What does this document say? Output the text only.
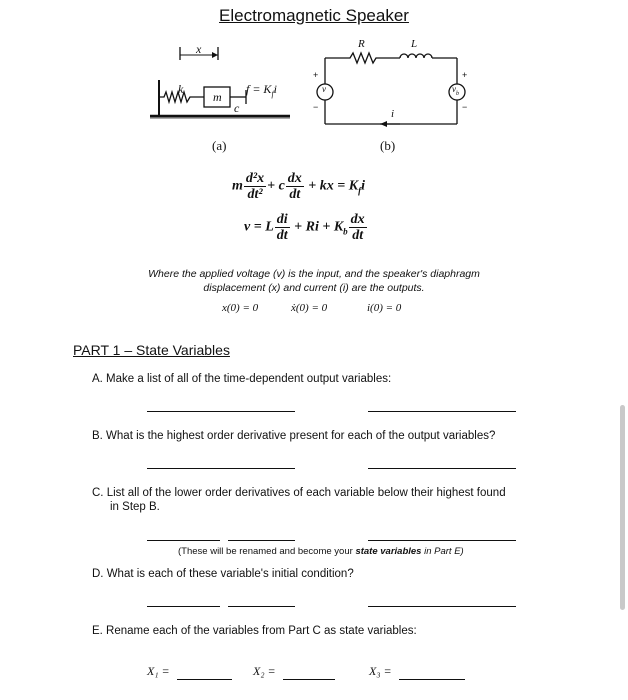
Electromagnetic Speaker
x
k
m
c
$f = K_fi$
(a)
R	L
v	$v_b$
+
−
+
−
i
(b)
m $\frac{\text{d²x}}{\text{dt²}} + c \frac{dx}{dt}$ + kx = $K_fi$
v = L $\frac{di}{dt} + Ri + K_b \frac{dx}{dt}$
Where the applied voltage (v) is the input, and the speaker's diaphragm
displacement (x) and current (i) are the outputs.
x(0) = 0	ẋ(0) = 0	i(0) = 0
PART 1 – State Variables
A. Make a list of all of the time-dependent output variables:
B. What is the highest order derivative present for each of the output variables?
C. List all of the lower order derivatives of each variable below their highest found
in Step B.
(These will be renamed and become your state variables in Part E)
D. What is each of these variable's initial condition?
E. Rename each of the variables from Part C as state variables:
X₁ =	X₂ =	X₃ =
